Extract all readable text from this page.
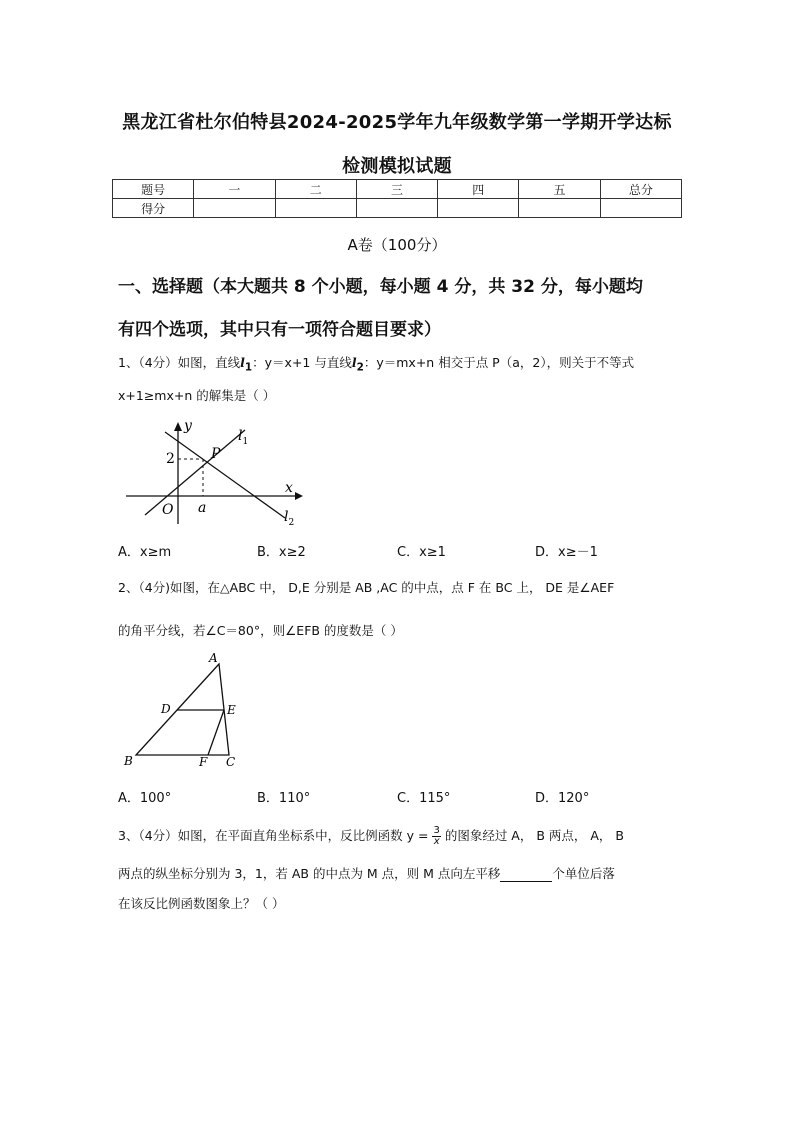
黑龙江省杜尔伯特县2024-2025学年九年级数学第一学期开学达标
检测模拟试题
题号	一	二	三	四	五	总分
得分						
A卷（100分）
一、选择题（本大题共 8 个小题，每小题 4 分，共 32 分，每小题均
有四个选项，其中只有一项符合题目要求）
1、（4分）如图，直线$l_1$：y＝x+1 与直线$l_2$：y＝mx+n 相交于点 P（a，2），则关于不等式
x+1≥mx+n 的解集是（ ）
y
x
$l_1$
$l_2$
2	P
O a
A．x≥m	B．x≥2	C．x≥1	D．x≥－1
2、（4分)如图，在△ABC 中， D,E 分别是 AB ,AC 的中点，点 F 在 BC 上， DE 是∠AEF
的角平分线，若∠C＝80°，则∠EFB 的度数是（ ）
A
B	C
D	E
F
A．100°	B．110°	C．115°	D．120°
3、（4分）如图，在平面直角坐标系中，反比例函数 $y = \frac{3}{x}$ 的图象经过 A， B 两点， A， B
两点的纵坐标分别为 3，1，若 AB 的中点为 M 点，则 M 点向左平移	个单位后落
在该反比例函数图象上？（ ）
